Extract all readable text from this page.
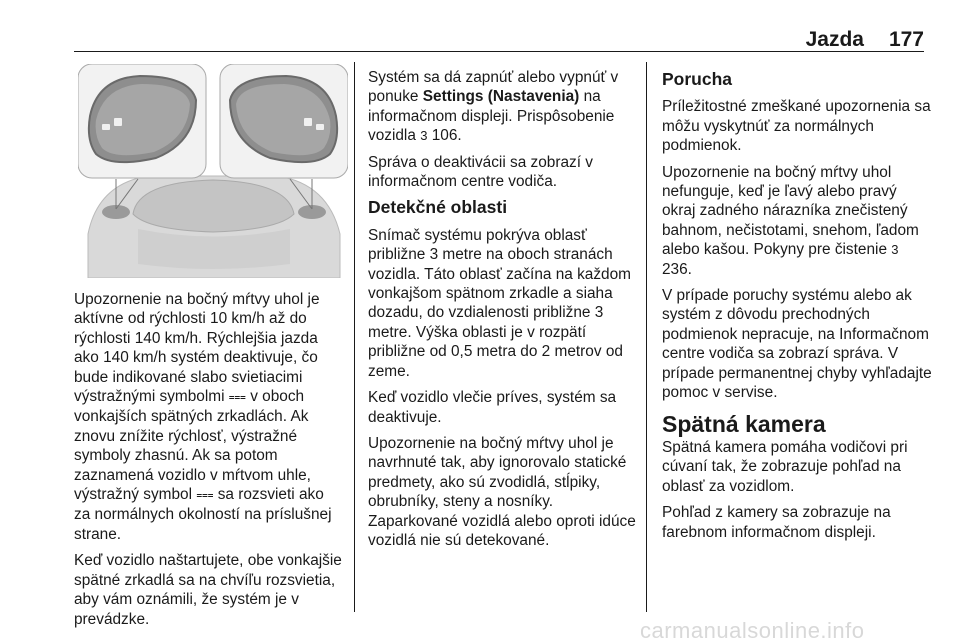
Jazda 177

Upozornenie na bočný mŕtvy uhol je aktívne od rýchlosti 10 km/h až do rýchlosti 140 km/h. Rýchlejšia jazda ako 140 km/h systém deaktivuje, čo bude indikované slabo svietiacimi výstražnými symbolmi ⩶ v oboch vonkajších spätných zrkadlách. Ak znovu znížite rýchlosť, výstražné symboly zhasnú. Ak sa potom zaznamená vozidlo v mŕtvom uhle, výstražný symbol ⩶ sa rozsvieti ako za normálnych okolností na príslušnej strane.

Keď vozidlo naštartujete, obe vonkajšie spätné zrkadlá sa na chvíľu rozsvietia, aby vám oznámili, že systém je v prevádzke.

Systém sa dá zapnúť alebo vypnúť v ponuke Settings (Nastavenia) na informačnom displeji. Prispôsobenie vozidla 3 106.

Správa o deaktivácii sa zobrazí v informačnom centre vodiča.

Detekčné oblasti

Snímač systému pokrýva oblasť približne 3 metre na oboch stranách vozidla. Táto oblasť začína na každom vonkajšom spätnom zrkadle a siaha dozadu, do vzdialenosti približne 3 metre. Výška oblasti je v rozpätí približne od 0,5 metra do 2 metrov od zeme.

Keď vozidlo vlečie príves, systém sa deaktivuje.

Upozornenie na bočný mŕtvy uhol je navrhnuté tak, aby ignorovalo statické predmety, ako sú zvodidlá, stĺpiky, obrubníky, steny a nosníky. Zaparkované vozidlá alebo oproti idúce vozidlá nie sú detekované.

Porucha

Príležitostné zmeškané upozornenia sa môžu vyskytnúť za normálnych podmienok.

Upozornenie na bočný mŕtvy uhol nefunguje, keď je ľavý alebo pravý okraj zadného nárazníka znečistený bahnom, nečistotami, snehom, ľadom alebo kašou. Pokyny pre čistenie 3 236.

V prípade poruchy systému alebo ak systém z dôvodu prechodných podmienok nepracuje, na Informačnom centre vodiča sa zobrazí správa. V prípade permanentnej chyby vyhľadajte pomoc v servise.

Spätná kamera

Spätná kamera pomáha vodičovi pri cúvaní tak, že zobrazuje pohľad na oblasť za vozidlom.

Pohľad z kamery sa zobrazuje na farebnom informačnom displeji.

carmanualsonline.info
